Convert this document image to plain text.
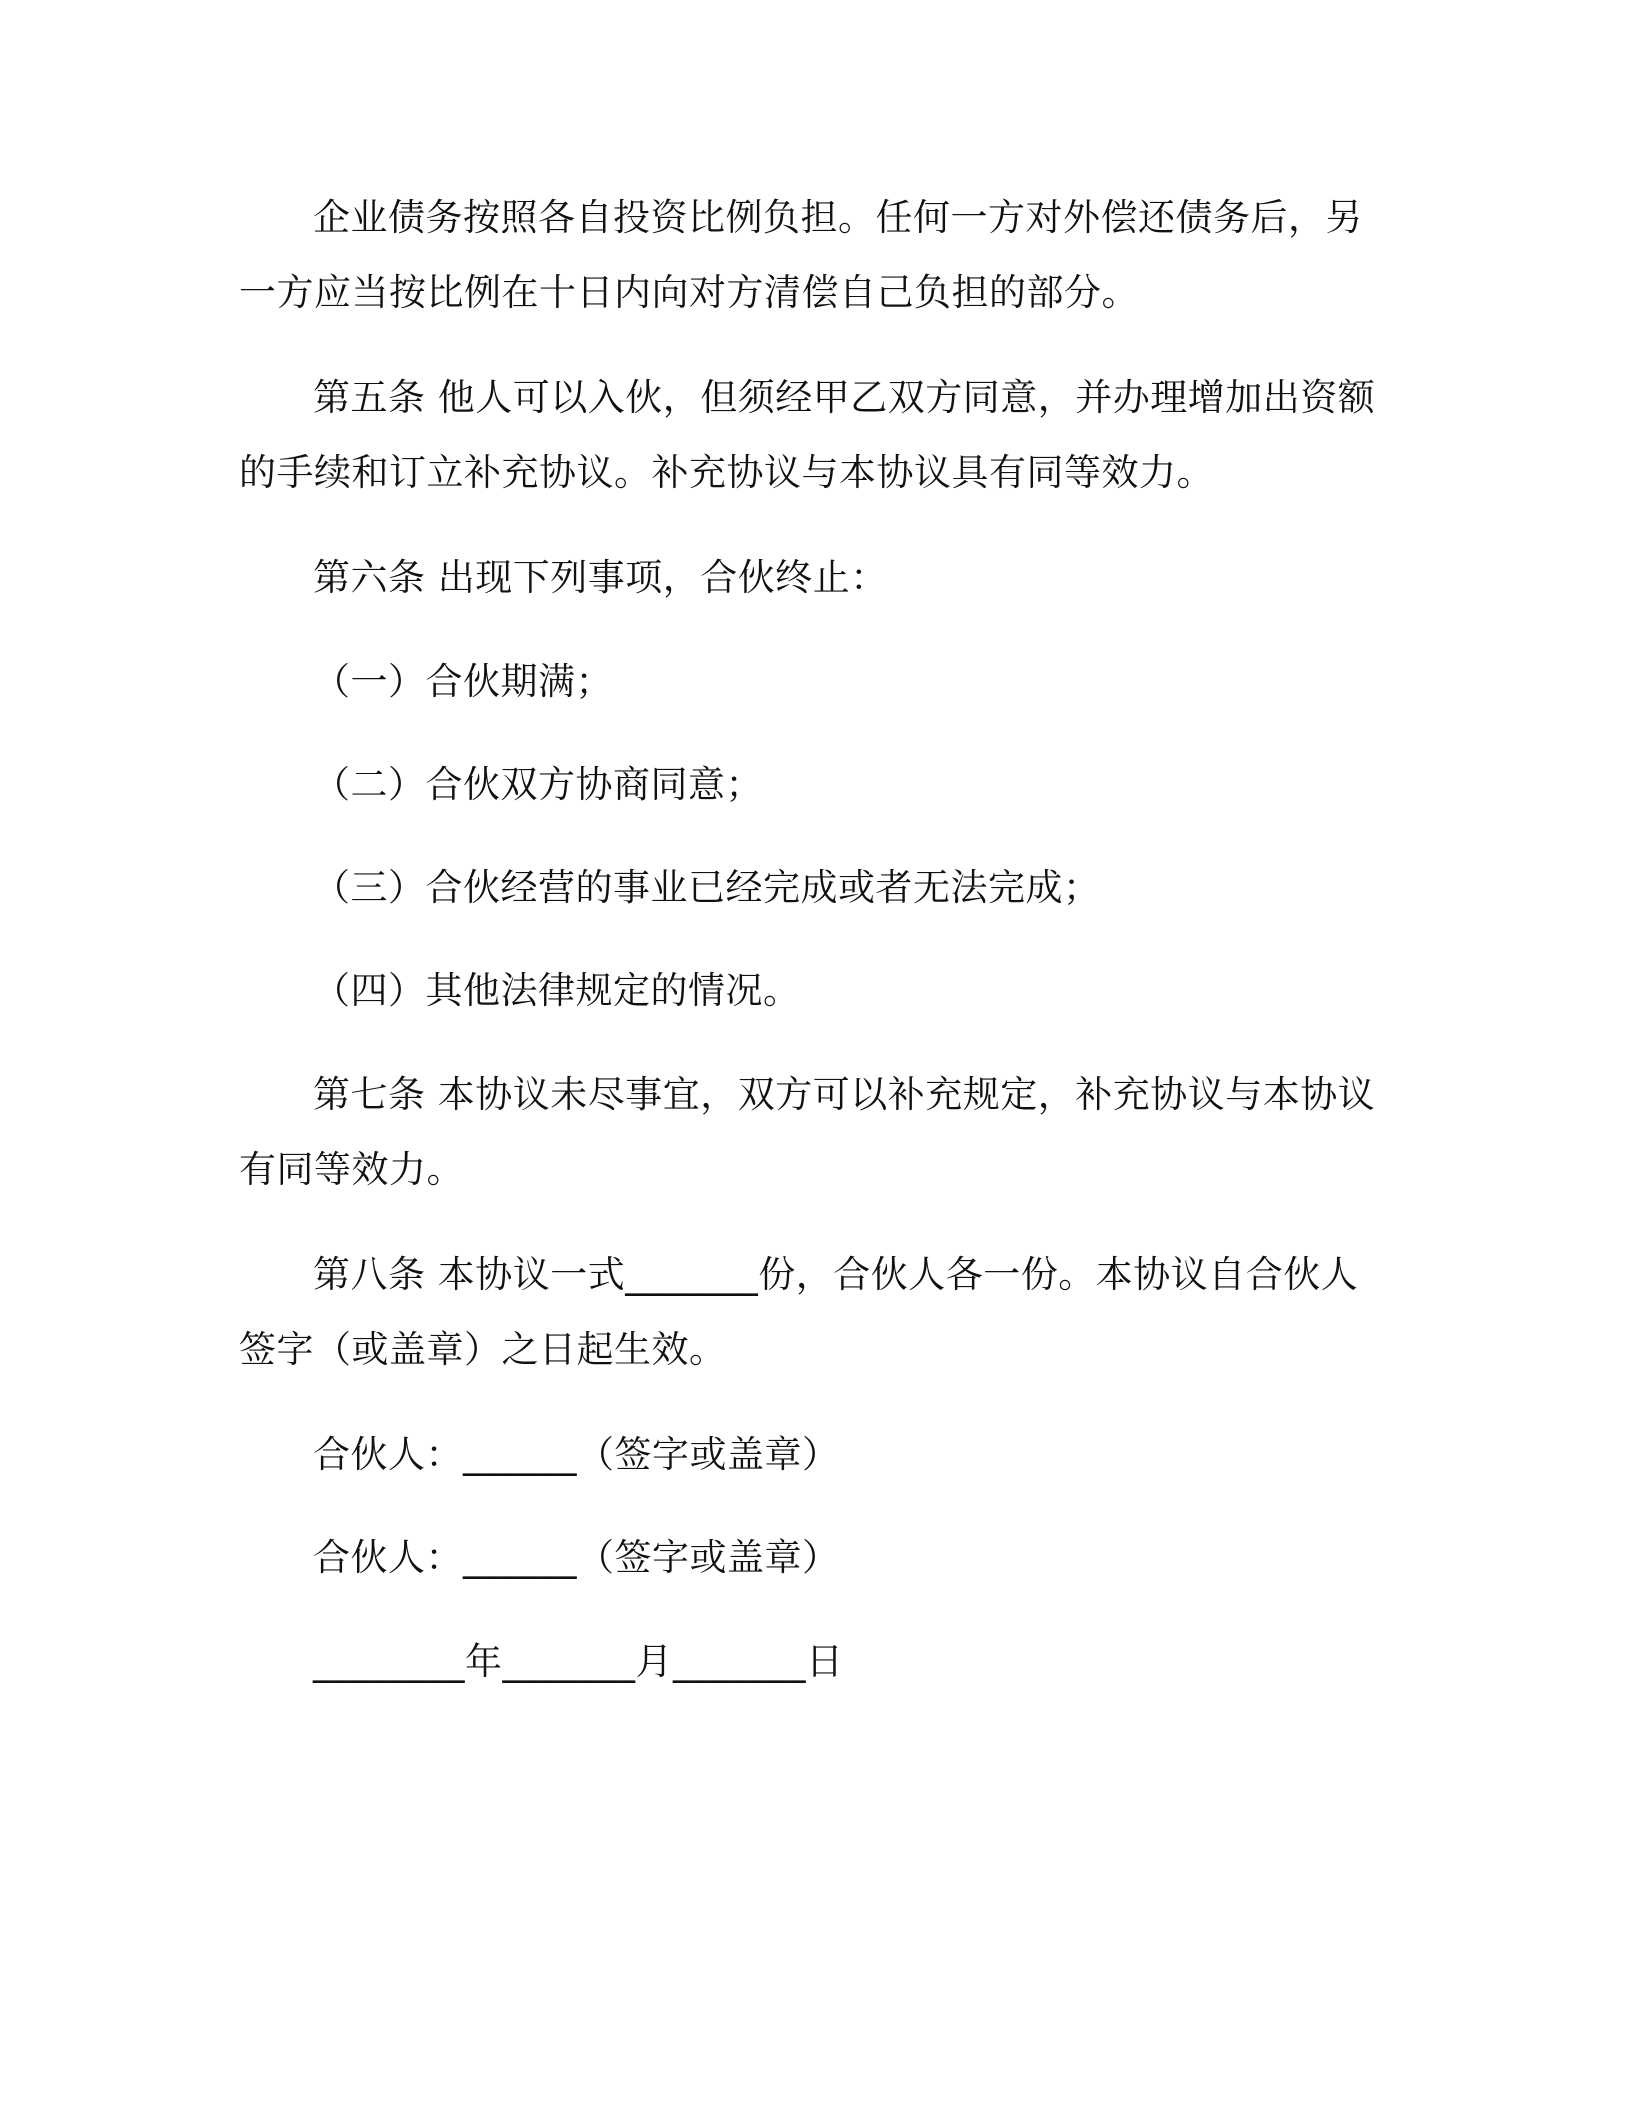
企业债务按照各自投资比例负担。任何一方对外偿还债务后，另
一方应当按比例在十日内向对方清偿自己负担的部分。
第五条 他人可以入伙，但须经甲乙双方同意，并办理增加出资额
的手续和订立补充协议。补充协议与本协议具有同等效力。
第六条 出现下列事项，合伙终止：
（一）合伙期满；
（二）合伙双方协商同意；
（三）合伙经营的事业已经完成或者无法完成；
（四）其他法律规定的情况。
第七条 本协议未尽事宜，双方可以补充规定，补充协议与本协议
有同等效力。
第八条 本协议一式_______份，合伙人各一份。本协议自合伙人
签字（或盖章）之日起生效。
合伙人：______（签字或盖章）
合伙人：______（签字或盖章）
________年_______月_______日
